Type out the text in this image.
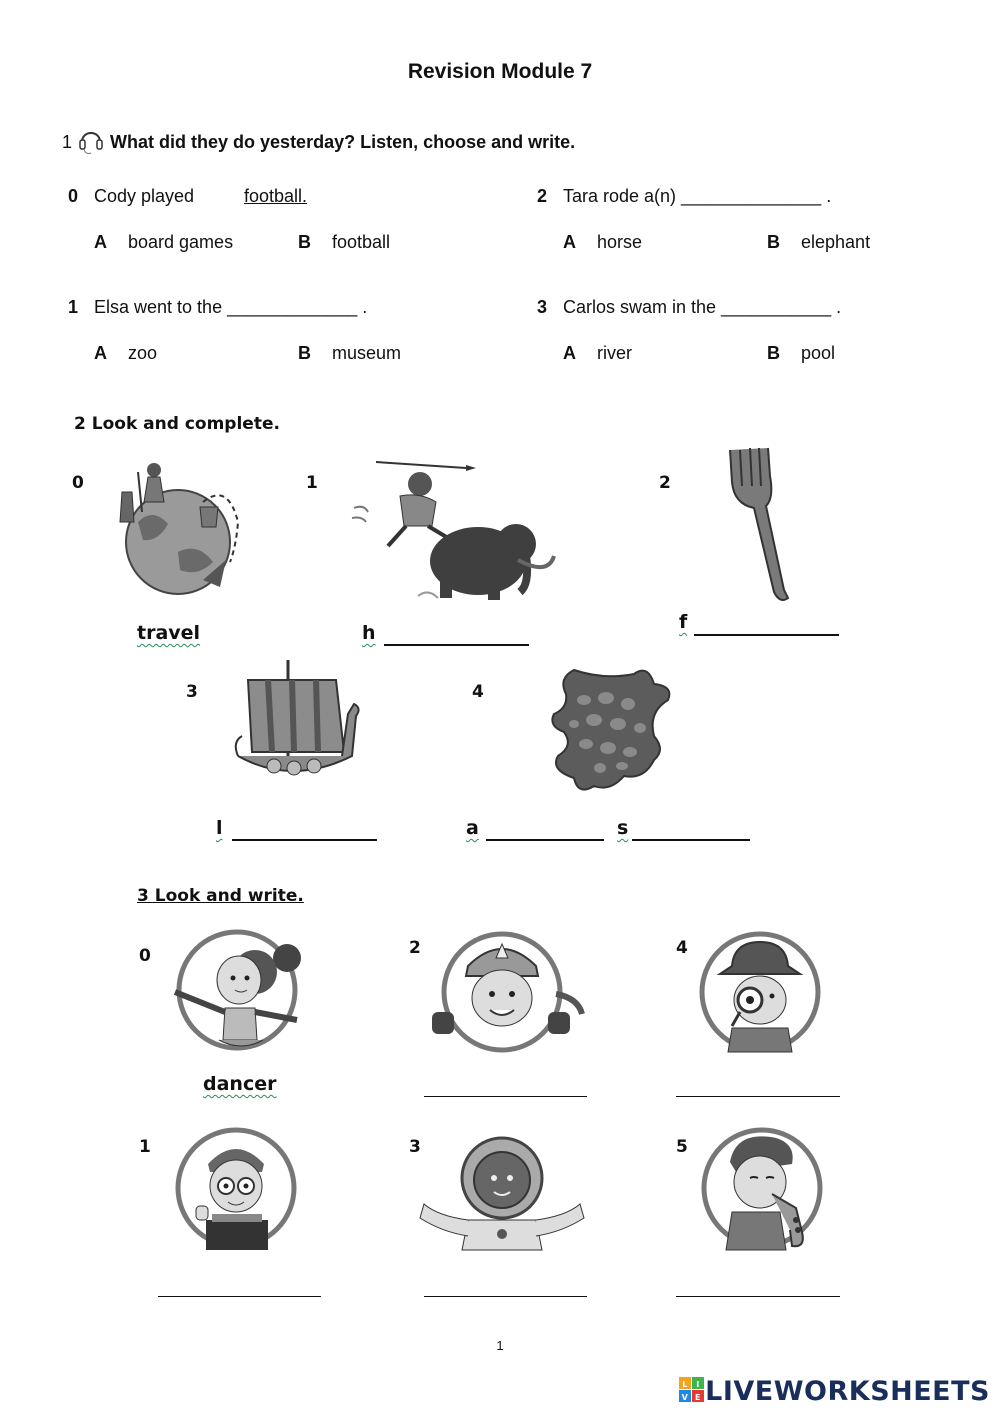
Revision Module 7
1 What did they do yesterday? Listen, choose and write.
0 Cody played	football.
A board games	B football
2 Tara rode a(n) ______________ .
A horse	B elephant
1 Elsa went to the _____________ .
A zoo	B museum
3 Carlos swam in the ___________ .
A river	B pool
2 Look and complete.
0
travel
1
h
2
f
3
l
4
a	s
3 Look and write.
0
dancer
2	4
1	3	5
1
L I
V E LIVEWORKSHEETS
